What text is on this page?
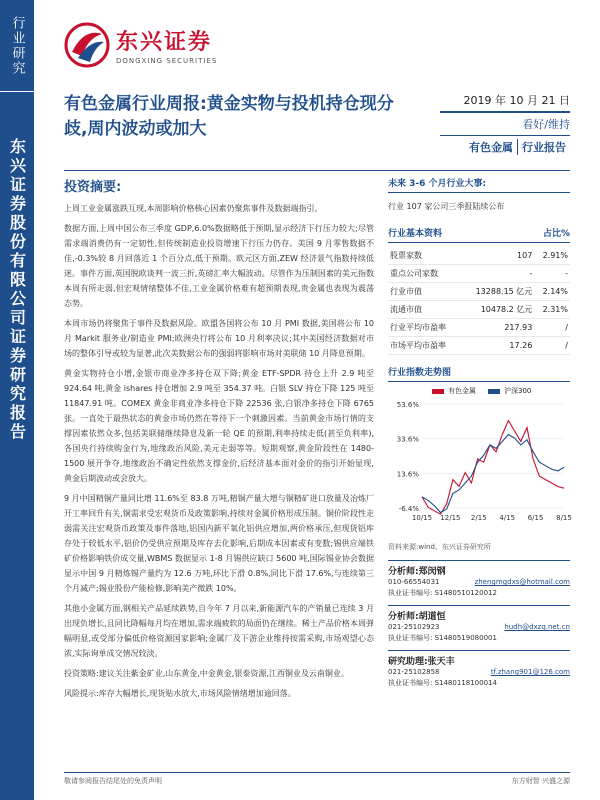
行业研究
东兴证券股份有限公司证券研究报告
东兴证券
DONGXING SECURITIES
有色金属行业周报:黄金实物与投机持仓现分歧,周内波动或加大
2019 年 10 月 21 日
看好/维持
有色金属 行业报告
投资摘要:

上周工业金属涨跌互现,本周影响价格核心因素仍聚焦事件及数据端指引。

数据方面,上周中国公布三季度 GDP,6.0%数据略低于预期,显示经济下行压力较大;尽管需求端消费仍有一定韧性,但传统制造业投资增速下行压力仍存。美国 9 月零售数据不佳,-0.3%较 8 月回落近 1 个百分点,低于预期。欧元区方面,ZEW 经济景气指数持续低迷。事件方面,英国脱欧谈判一波三折,英磅汇率大幅波动。尽管作为压制因素的美元指数本周有所走弱,但宏观情绪整体不佳,工业金属价格难有超预期表现,贵金属也表现为震荡态势。

本周市场仍将聚焦于事件及数据风险。欧盟各国将公布 10 月 PMI 数据,美国将公布 10 月 Markit 服务业/制造业 PMI;欧洲央行将公布 10 月利率决议;其中美国经济数据对市场的整体引导或较为显著,此次美数据公布的强弱将影响市场对美联储 10 月降息预期。

黄金实物持仓小增,金银市商业净多持仓双下降;黄金 ETF-SPDR 持仓上升 2.9 吨至 924.64 吨,黄金 ishares 持仓增加 2.9 吨至 354.37 吨。白银 SLV 持仓下降 125 吨至 11847.91 吨。COMEX 黄金非商业净多持仓下降 22536 张,白银净多持仓下降 6765 张。一直处于最热状态的黄金市场仍然在等待下一个刺激因素。当前黄金市场行情的支撑因素依然众多,包括美联储继续降息及新一轮 QE 的预期,利率持续走低(甚至负利率),各国央行持续购金行为,地缘政治风险,美元走弱等等。短期观察,黄金阶段性在 1480-1500 展开争夺,地缘政治不确定性依然支撑金价,后经济基本面对金价的指引开始显现,黄金后期波动或会放大。

9 月中国精铜产量同比增 11.6%至 83.8 万吨,精铜产量大增与铜精矿进口放量及冶炼厂开工率回升有关,铜需求受宏观货币及政策影响,持续对金属价格形成压制。铜价阶段性走弱需关注宏观货币政策及事件落地,铝国内新平氧化铝供应增加,两价格承压,但现货铝库存处于较低水平,铝价仍受供应预期及库存去化影响,后期成本因素或有变数;锡供应端铁矿价格影响铁价成交量,WBMS 数据显示 1-8 月锡供应缺口 5600 吨,国际锡业协会数据显示中国 9 月精炼锡产量约为 12.6 万吨,环比下滑 0.8%,同比下滑 17.6%,与连续第三个月减产;锡业股份产能检修,影响美产微跌 10%。

其他小金属方面,钢相关产品延续跌势,自今年 7 月以来,新能源汽车的产销量已连续 3 月出现负增长,且同比降幅每月均在增加,需求端疲软的局面仍在继续。稀土产品价格本周弹幅明显,或受部分偏低价格资源国家影响;金属厂及下游企业维持按需采购,市场观望心态浓,实际询单成交情况较淡。

投资策略:建议关注紫金矿业,山东黄金,中金黄金,银泰资源,江西铜业及云南铜业。

风险提示:库存大幅增长,现货贴水放大,市场风险情绪增加逾回落。

未来 3-6 个月行业大事:
行业 107 家公司三季报陆续公布
行业基本资料	占比%
股票家数	107	2.91%
重点公司家数	-	-
行业市值	13288.15 亿元	2.14%
流通市值	10478.2 亿元	2.31%
行业平均市盈率	217.93	/
市场平均市盈率	17.26	/
行业指数走势图
有色金属	沪深300
53.6%
33.6%
13.6%
-6.4%
10/15 12/15 2/15 4/15 6/15 8/15
资料来源:wind、东兴证券研究所
分析师:郑闵钢
010-66554031	zhengmgdxs@hotmail.com
执业证书编号: S1480510120012
分析师:胡道恒
021-25102923	hudh@dxzq.net.cn
执业证书编号: S1480519080001
研究助理:张天丰
021-25102858	tf.zhang901@126.com
执业证书编号: S1480118100014
敬请参阅报告结尾处的免责声明	东方财智 兴盛之源
